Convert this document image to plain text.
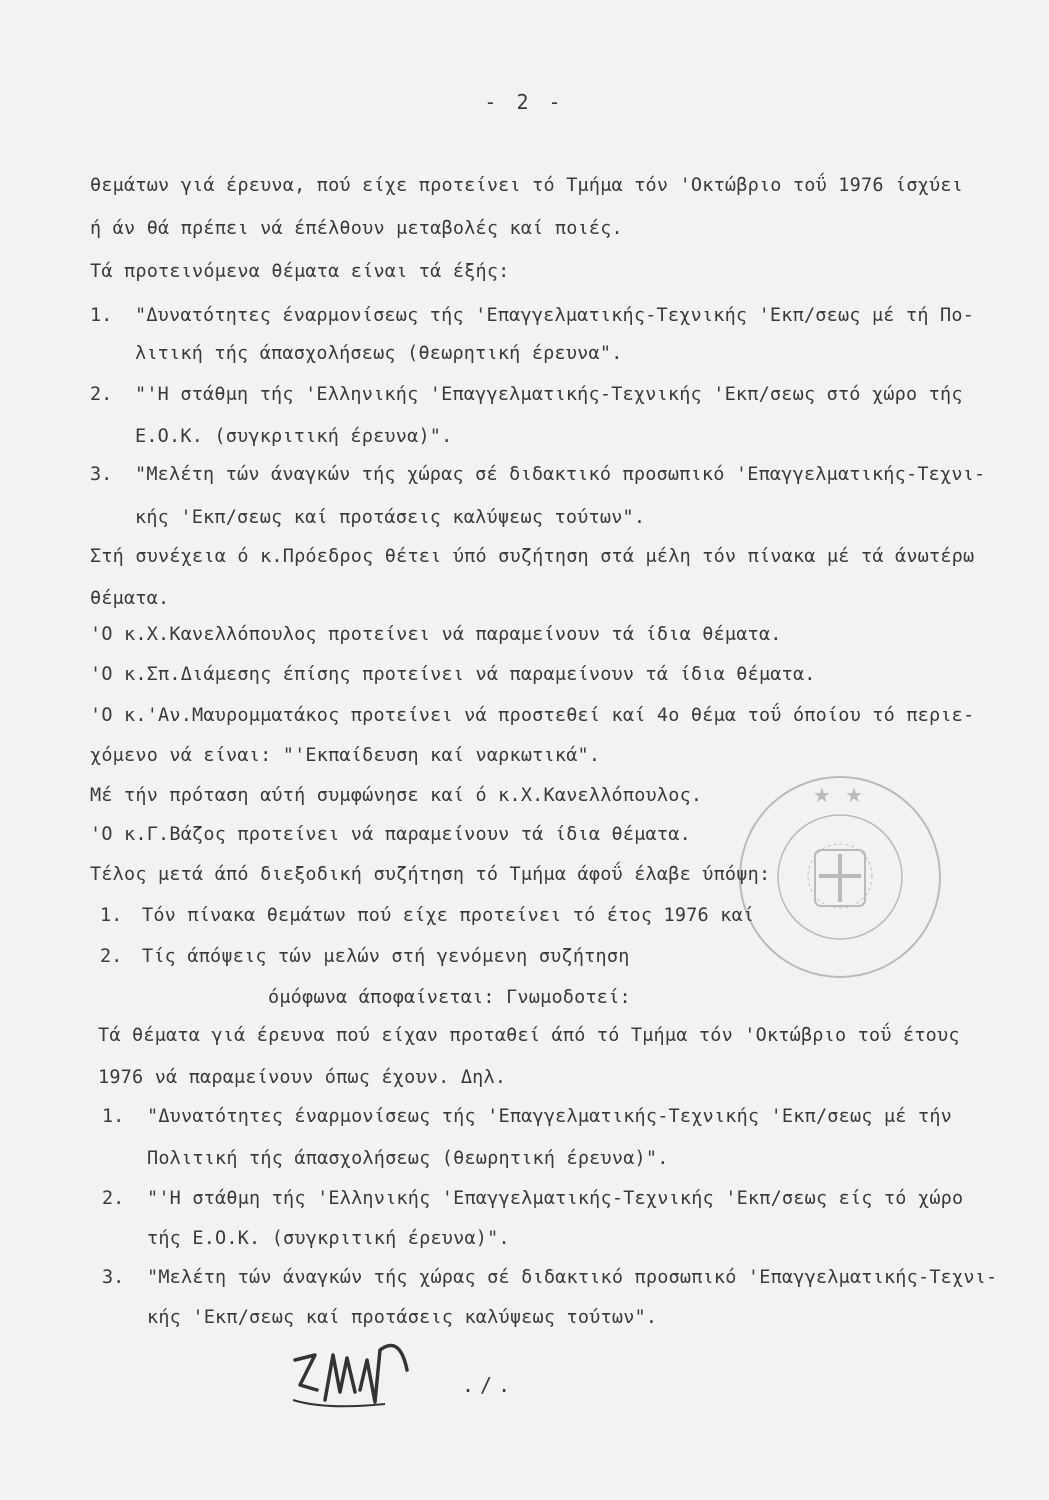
- 2 -
θεμάτων γιά έρευνα, πού είχε προτείνει τό Τμήμα τόν 'Οκτώβριο τοΰ 1976 ίσχύει
ή άν θά πρέπει νά έπέλθουν μεταβολές καί ποιές.
Τά προτεινόμενα θέματα είναι τά έξής:
1. "Δυνατότητες έναρμονίσεως τής 'Επαγγελματικής-Τεχνικής 'Εκπ/σεως μέ τή Πο-
λιτική τής άπασχολήσεως (θεωρητική έρευνα".
2. "'Η στάθμη τής 'Ελληνικής 'Επαγγελματικής-Τεχνικής 'Εκπ/σεως στό χώρο τής
Ε.Ο.Κ. (συγκριτική έρευνα)".
3. "Μελέτη τών άναγκών τής χώρας σέ διδακτικό προσωπικό 'Επαγγελματικής-Τεχνι-
κής 'Εκπ/σεως καί προτάσεις καλύψεως τούτων".
Στή συνέχεια ό κ.Πρόεδρος θέτει ύπό συζήτηση στά μέλη τόν πίνακα μέ τά άνωτέρω
θέματα.
'Ο κ.Χ.Κανελλόπουλος προτείνει νά παραμείνουν τά ίδια θέματα.
'Ο κ.Σπ.Διάμεσης έπίσης προτείνει νά παραμείνουν τά ίδια θέματα.
'Ο κ.'Αν.Μαυρομματάκος προτείνει νά προστεθεί καί 4ο θέμα τοΰ όποίου τό περιε-
χόμενο νά είναι: "'Εκπαίδευση καί ναρκωτικά".
Μέ τήν πρόταση αύτή συμφώνησε καί ό κ.Χ.Κανελλόπουλος.
'Ο κ.Γ.Βάζος προτείνει νά παραμείνουν τά ίδια θέματα.
Τέλος μετά άπό διεξοδική συζήτηση τό Τμήμα άφοΰ έλαβε ύπόψη:
1. Τόν πίνακα θεμάτων πού είχε προτείνει τό έτος 1976 καί
2. Τίς άπόψεις τών μελών στή γενόμενη συζήτηση
όμόφωνα άποφαίνεται: Γνωμοδοτεί:
Τά θέματα γιά έρευνα πού είχαν προταθεί άπό τό Τμήμα τόν 'Οκτώβριο τοΰ έτους
1976 νά παραμείνουν όπως έχουν. Δηλ.
1. "Δυνατότητες έναρμονίσεως τής 'Επαγγελματικής-Τεχνικής 'Εκπ/σεως μέ τήν
Πολιτική τής άπασχολήσεως (θεωρητική έρευνα)".
2. "'Η στάθμη τής 'Ελληνικής 'Επαγγελματικής-Τεχνικής 'Εκπ/σεως είς τό χώρο
τής Ε.Ο.Κ. (συγκριτική έρευνα)".
3. "Μελέτη τών άναγκών τής χώρας σέ διδακτικό προσωπικό 'Επαγγελματικής-Τεχνι-
κής 'Εκπ/σεως καί προτάσεις καλύψεως τούτων".
★ ★
./.
